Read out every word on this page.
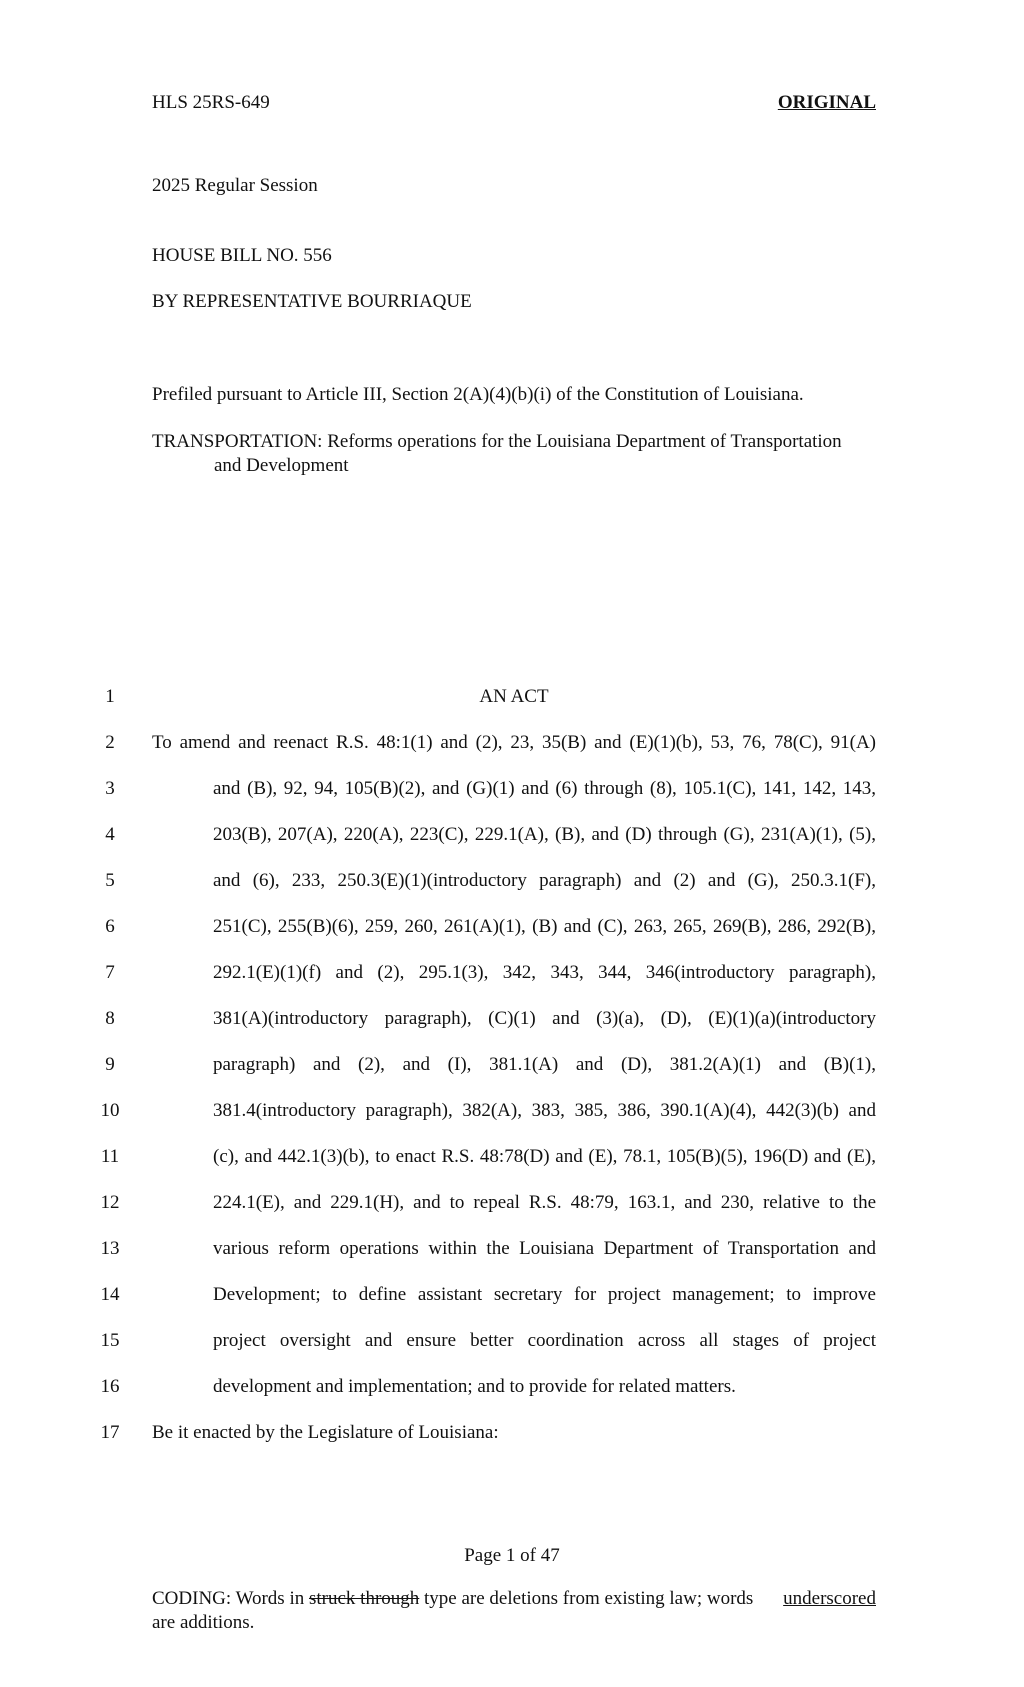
HLS 25RS-649	ORIGINAL
2025 Regular Session
HOUSE BILL NO. 556
BY REPRESENTATIVE BOURRIAQUE
Prefiled pursuant to Article III, Section 2(A)(4)(b)(i) of the Constitution of Louisiana.
TRANSPORTATION: Reforms operations for the Louisiana Department of Transportation
and Development
1	AN ACT
2	To amend and reenact R.S. 48:1(1) and (2), 23, 35(B) and (E)(1)(b), 53, 76, 78(C), 91(A)
3	and (B), 92, 94, 105(B)(2), and (G)(1) and (6) through (8), 105.1(C), 141, 142, 143,
4	203(B), 207(A), 220(A), 223(C), 229.1(A), (B), and (D) through (G), 231(A)(1), (5),
5	and (6), 233, 250.3(E)(1)(introductory paragraph) and (2) and (G), 250.3.1(F),
6	251(C), 255(B)(6), 259, 260, 261(A)(1), (B) and (C), 263, 265, 269(B), 286, 292(B),
7	292.1(E)(1)(f) and (2), 295.1(3), 342, 343, 344, 346(introductory paragraph),
8	381(A)(introductory paragraph), (C)(1) and (3)(a), (D), (E)(1)(a)(introductory
9	paragraph) and (2), and (I), 381.1(A) and (D), 381.2(A)(1) and (B)(1),
10	381.4(introductory paragraph), 382(A), 383, 385, 386, 390.1(A)(4), 442(3)(b) and
11	(c), and 442.1(3)(b), to enact R.S. 48:78(D) and (E), 78.1, 105(B)(5), 196(D) and (E),
12	224.1(E), and 229.1(H), and to repeal R.S. 48:79, 163.1, and 230, relative to the
13	various reform operations within the Louisiana Department of Transportation and
14	Development; to define assistant secretary for project management; to improve
15	project oversight and ensure better coordination across all stages of project
16	development and implementation; and to provide for related matters.
17	Be it enacted by the Legislature of Louisiana:
Page 1 of 47
CODING: Words in struck through type are deletions from existing law; words underscored
are additions.
